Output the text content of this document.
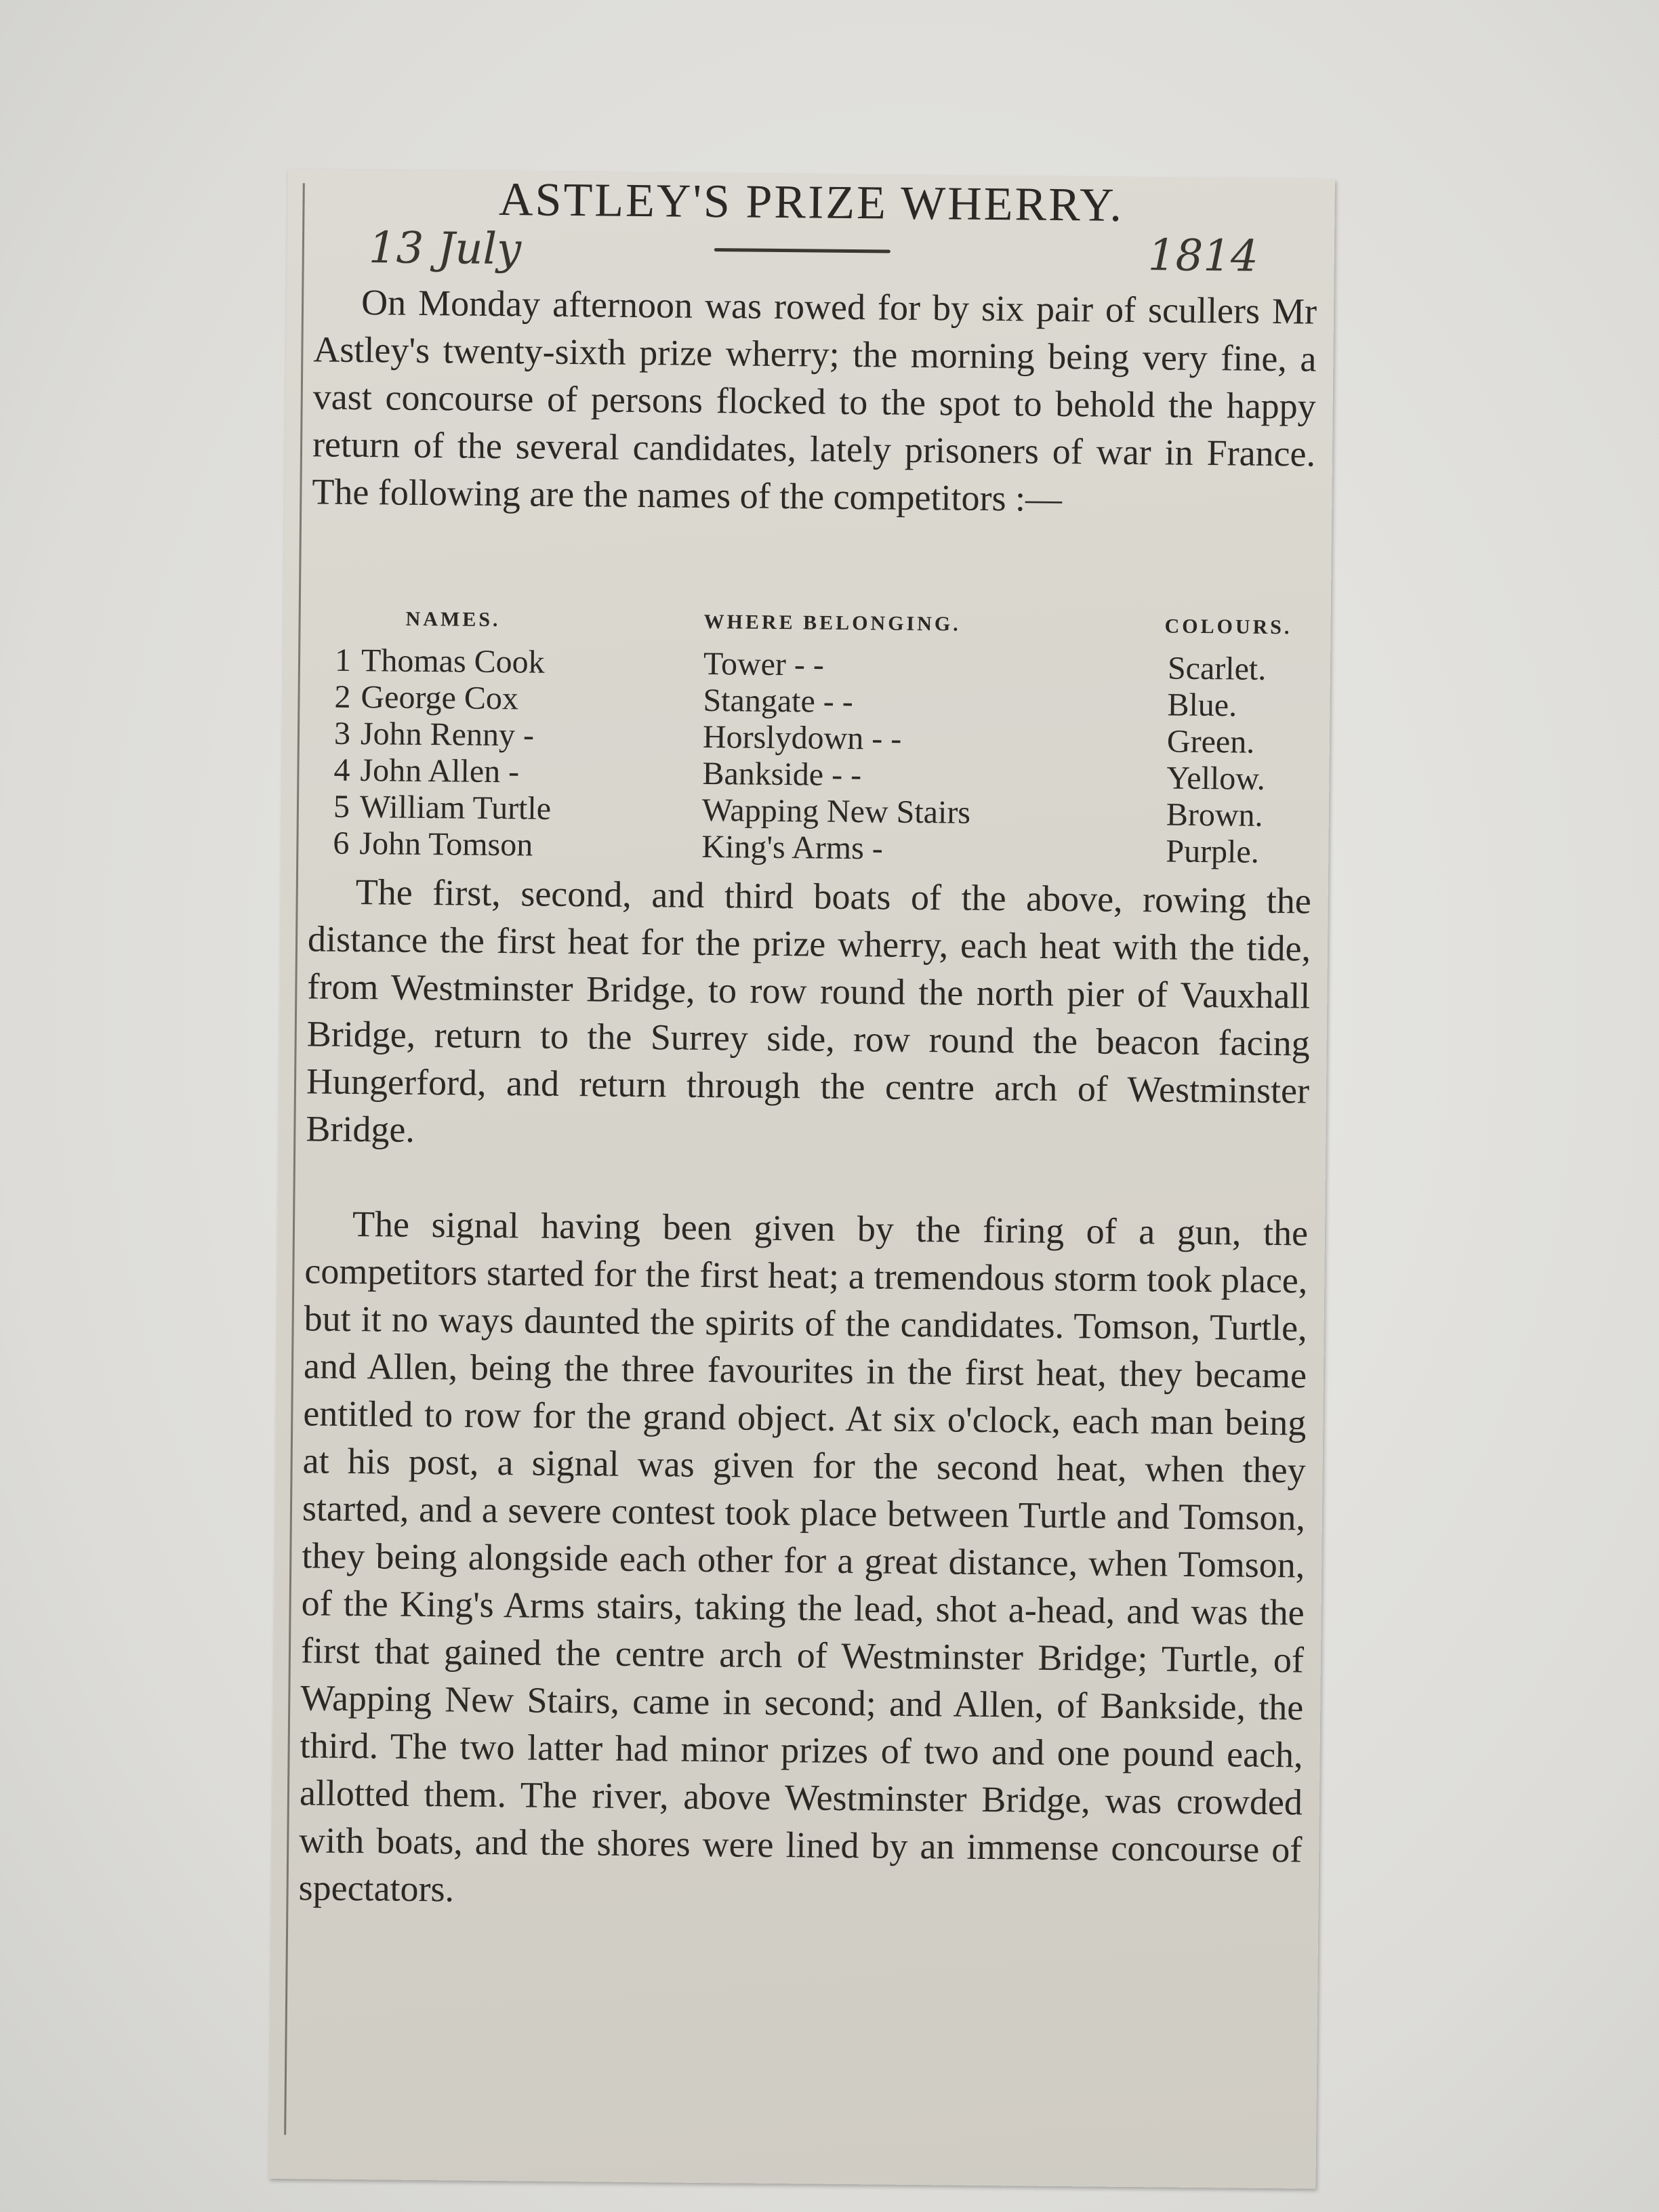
ASTLEY'S PRIZE WHERRY.
13 July	1814

On Monday afternoon was rowed for by six pair of scullers Mr Astley's twenty-sixth prize wherry; the morning being very fine, a vast concourse of persons flocked to the spot to behold the happy return of the several candidates, lately prisoners of war in France. The following are the names of the competitors :—

NAMES.	WHERE BELONGING.	COLOURS.
1 Thomas Cook	Tower - -	Scarlet.
2 George Cox	Stangate - -	Blue.
3 John Renny -	Horslydown - -	Green.
4 John Allen -	Bankside - -	Yellow.
5 William Turtle	Wapping New Stairs	Brown.
6 John Tomson	King's Arms -	Purple.

The first, second, and third boats of the above, rowing the distance the first heat for the prize wherry, each heat with the tide, from Westminster Bridge, to row round the north pier of Vauxhall Bridge, return to the Surrey side, row round the beacon facing Hungerford, and return through the centre arch of Westminster Bridge.

The signal having been given by the firing of a gun, the competitors started for the first heat; a tremendous storm took place, but it no ways daunted the spirits of the candidates. Tomson, Turtle, and Allen, being the three favourites in the first heat, they became entitled to row for the grand object. At six o'clock, each man being at his post, a signal was given for the second heat, when they started, and a severe contest took place between Turtle and Tomson, they being alongside each other for a great distance, when Tomson, of the King's Arms stairs, taking the lead, shot a-head, and was the first that gained the centre arch of Westminster Bridge; Turtle, of Wapping New Stairs, came in second; and Allen, of Bankside, the third. The two latter had minor prizes of two and one pound each, allotted them. The river, above Westminster Bridge, was crowded with boats, and the shores were lined by an immense concourse of spectators.
